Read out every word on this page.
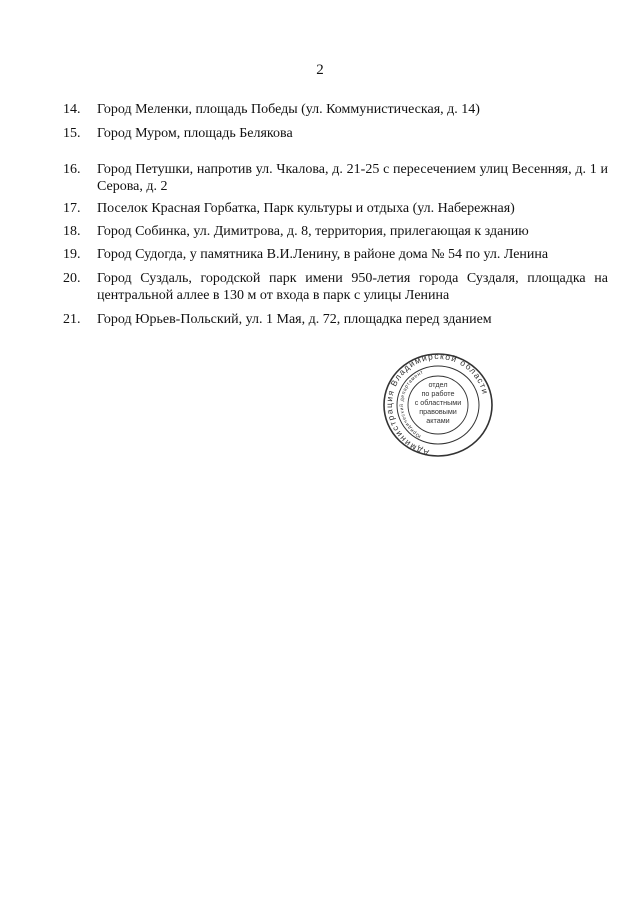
2
14.	Город Меленки, площадь Победы (ул. Коммунистическая, д. 14)
15.	Город Муром, площадь Белякова
16.	Город Петушки, напротив ул. Чкалова, д. 21-25 с пересечением улиц Весенняя, д. 1 и Серова, д. 2
17.	Поселок Красная Горбатка, Парк культуры и отдыха (ул. Набережная)
18.	Город Собинка, ул. Димитрова, д. 8, территория, прилегающая к зданию
19.	Город Судогда, у памятника В.И.Ленину, в районе дома № 54 по ул. Ленина
20.	Город Суздаль, городской парк имени 950-летия города Суздаля, площадка на центральной аллее в 130 м от входа в парк с улицы Ленина
21.	Город Юрьев-Польский, ул. 1 Мая, д. 72, площадка перед зданием
Администрация Владимирской области
Юридический департамент
отдел
по работе
с областными
правовыми
актами
